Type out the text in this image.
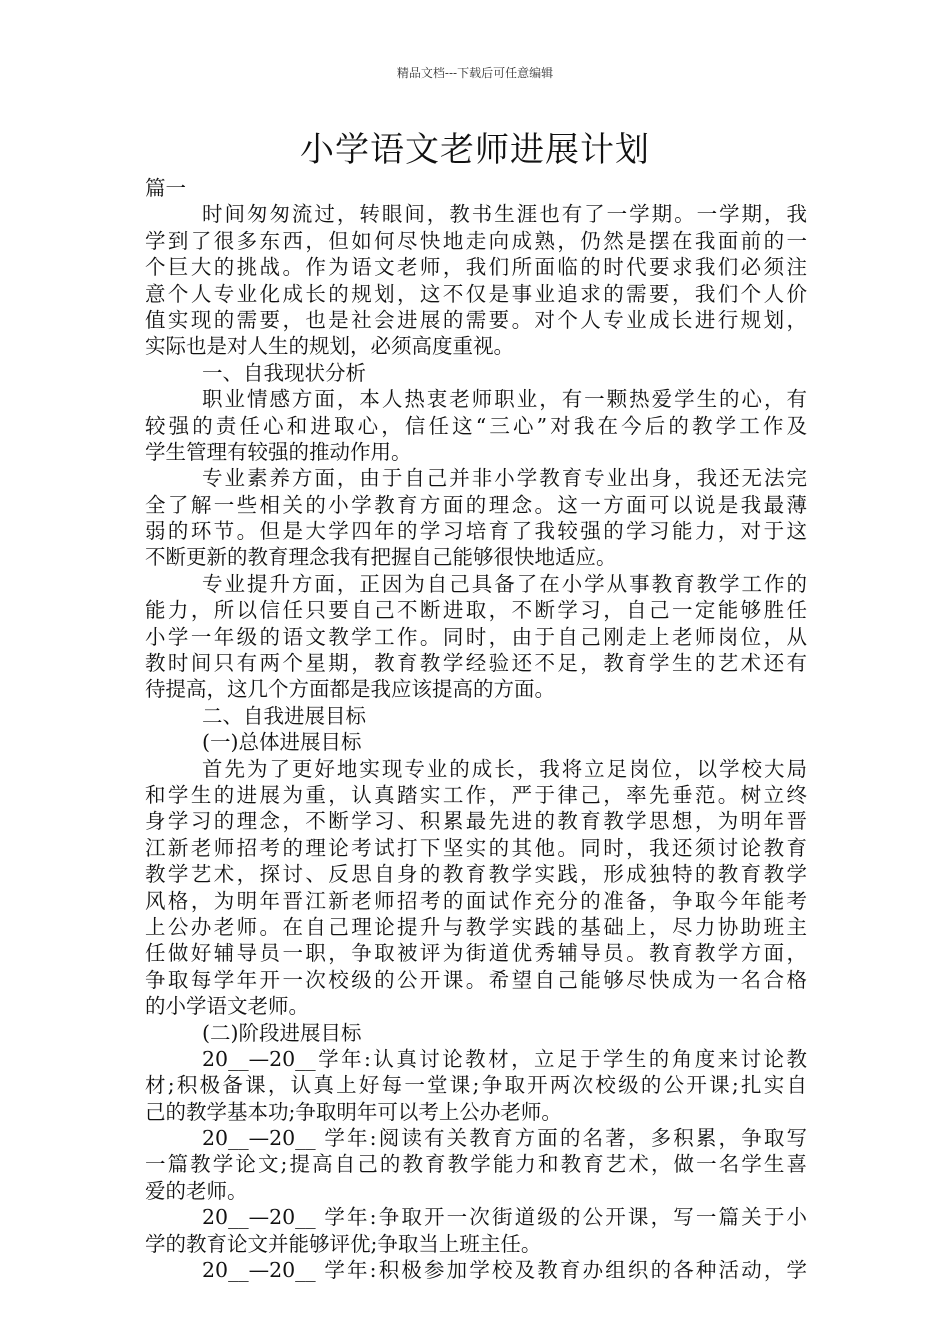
精品文档---下载后可任意编辑
小学语文老师进展计划
篇一
时间匆匆流过，转眼间，教书生涯也有了一学期。一学期，我
学到了很多东西，但如何尽快地走向成熟，仍然是摆在我面前的一
个巨大的挑战。作为语文老师，我们所面临的时代要求我们必须注
意个人专业化成长的规划，这不仅是事业追求的需要，我们个人价
值实现的需要，也是社会进展的需要。对个人专业成长进行规划，
实际也是对人生的规划，必须高度重视。
一、自我现状分析
职业情感方面，本人热衷老师职业，有一颗热爱学生的心，有
较强的责任心和进取心，信任这“三心”对我在今后的教学工作及
学生管理有较强的推动作用。
专业素养方面，由于自己并非小学教育专业出身，我还无法完
全了解一些相关的小学教育方面的理念。这一方面可以说是我最薄
弱的环节。但是大学四年的学习培育了我较强的学习能力，对于这
不断更新的教育理念我有把握自己能够很快地适应。
专业提升方面，正因为自己具备了在小学从事教育教学工作的
能力，所以信任只要自己不断进取，不断学习，自己一定能够胜任
小学一年级的语文教学工作。同时，由于自己刚走上老师岗位，从
教时间只有两个星期，教育教学经验还不足，教育学生的艺术还有
待提高，这几个方面都是我应该提高的方面。
二、自我进展目标
(一)总体进展目标
首先为了更好地实现专业的成长，我将立足岗位，以学校大局
和学生的进展为重，认真踏实工作，严于律己，率先垂范。树立终
身学习的理念，不断学习、积累最先进的教育教学思想，为明年晋
江新老师招考的理论考试打下坚实的其他。同时，我还须讨论教育
教学艺术，探讨、反思自身的教育教学实践，形成独特的教育教学
风格，为明年晋江新老师招考的面试作充分的准备，争取今年能考
上公办老师。在自己理论提升与教学实践的基础上，尽力协助班主
任做好辅导员一职，争取被评为街道优秀辅导员。教育教学方面，
争取每学年开一次校级的公开课。希望自己能够尽快成为一名合格
的小学语文老师。
(二)阶段进展目标
20__—20__学年:认真讨论教材，立足于学生的角度来讨论教
材;积极备课，认真上好每一堂课;争取开两次校级的公开课;扎实自
己的教学基本功;争取明年可以考上公办老师。
20__—20__ 学年:阅读有关教育方面的名著，多积累，争取写
一篇教学论文;提高自己的教育教学能力和教育艺术，做一名学生喜
爱的老师。
20__—20__ 学年:争取开一次街道级的公开课，写一篇关于小
学的教育论文并能够评优;争取当上班主任。
20__—20__ 学年:积极参加学校及教育办组织的各种活动，学
